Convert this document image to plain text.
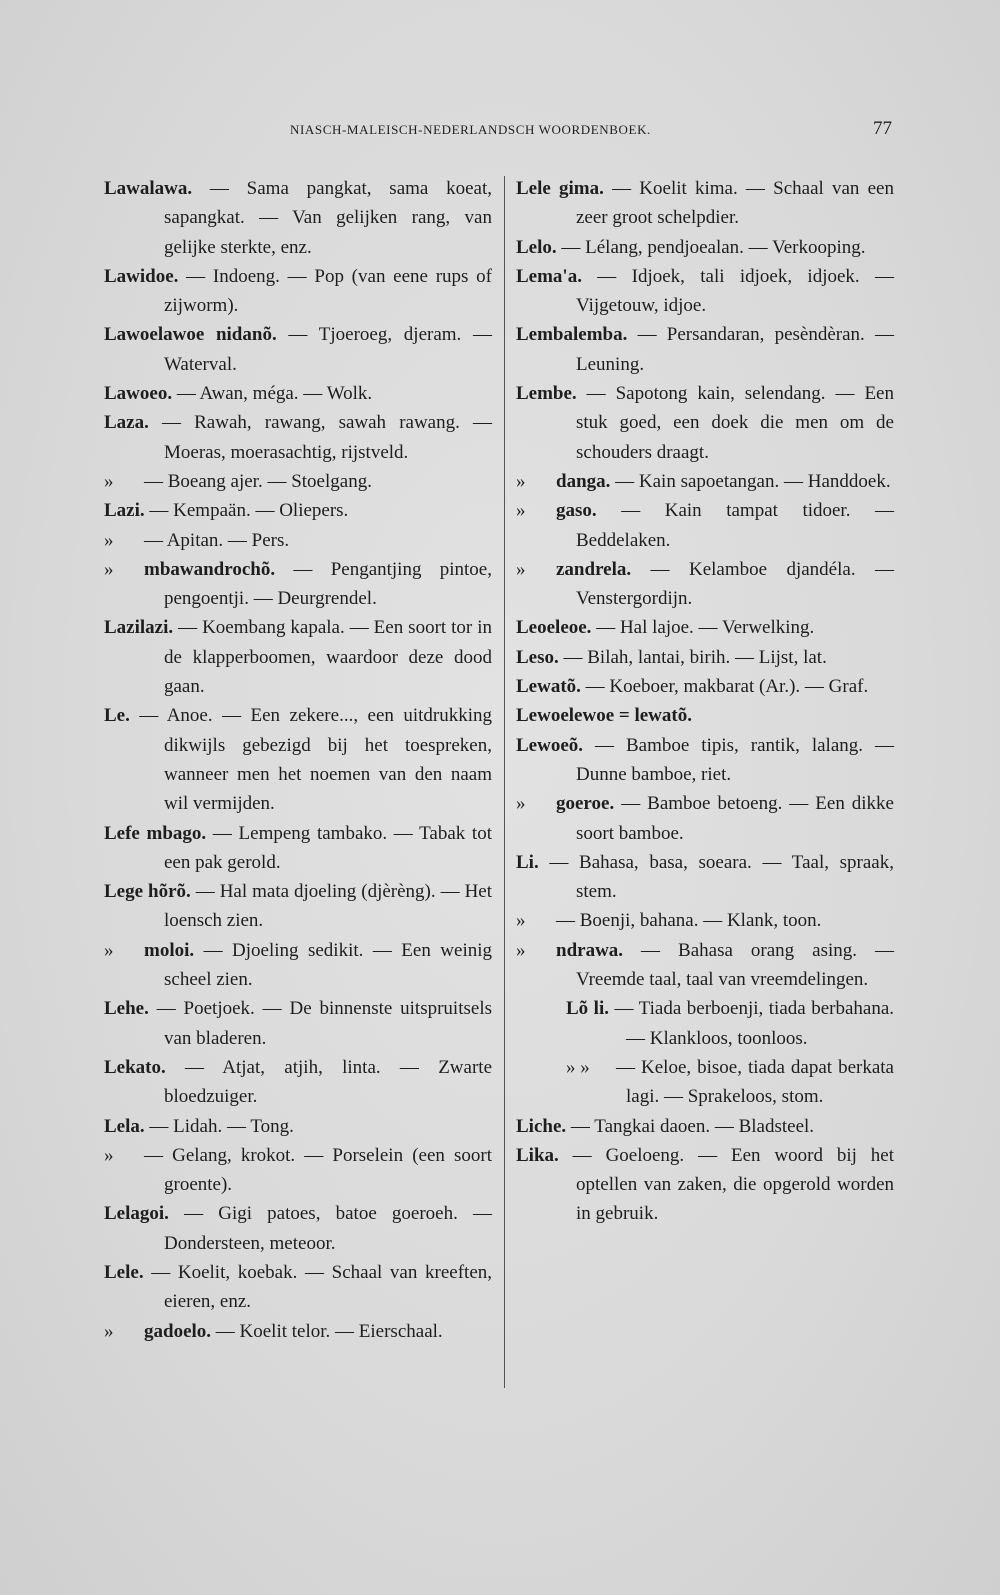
NIASCH-MALEISCH-NEDERLANDSCH WOORDENBOEK.	77

Lawalawa. — Sama pangkat, sama koeat, sapangkat. — Van gelijken rang, van gelijke sterkte, enz.

Lawidoe. — Indoeng. — Pop (van eene rups of zijworm).

Lawoelawoe nidanõ. — Tjoeroeg, djeram. — Waterval.

Lawoeo. — Awan, méga. — Wolk.

Laza. — Rawah, rawang, sawah rawang. — Moeras, moerasachtig, rijstveld.

» — Boeang ajer. — Stoelgang.

Lazi. — Kempaän. — Oliepers.

» — Apitan. — Pers.

» mbawandrochõ. — Pengantjing pintoe, pengoentji. — Deurgrendel.

Lazilazi. — Koembang kapala. — Een soort tor in de klapperboomen, waardoor deze dood gaan.

Le. — Anoe. — Een zekere..., een uitdrukking dikwijls gebezigd bij het toespreken, wanneer men het noemen van den naam wil vermijden.

Lefe mbago. — Lempeng tambako. — Tabak tot een pak gerold.

Lege hõrõ. — Hal mata djoeling (djèrèng). — Het loensch zien.

» moloi. — Djoeling sedikit. — Een weinig scheel zien.

Lehe. — Poetjoek. — De binnenste uitspruitsels van bladeren.

Lekato. — Atjat, atjih, linta. — Zwarte bloedzuiger.

Lela. — Lidah. — Tong.

» — Gelang, krokot. — Porselein (een soort groente).

Lelagoi. — Gigi patoes, batoe goeroeh. — Dondersteen, meteoor.

Lele. — Koelit, koebak. — Schaal van kreeften, eieren, enz.

» gadoelo. — Koelit telor. — Eierschaal.

Lele gima. — Koelit kima. — Schaal van een zeer groot schelpdier.

Lelo. — Lélang, pendjoealan. — Verkooping.

Lema'a. — Idjoek, tali idjoek, idjoek. — Vijgetouw, idjoe.

Lembalemba. — Persandaran, pesèndèran. — Leuning.

Lembe. — Sapotong kain, selendang. — Een stuk goed, een doek die men om de schouders draagt.

» danga. — Kain sapoetangan. — Handdoek.

» gaso. — Kain tampat tidoer. — Beddelaken.

» zandrela. — Kelamboe djandéla. — Venstergordijn.

Leoeleoe. — Hal lajoe. — Verwelking.

Leso. — Bilah, lantai, birih. — Lijst, lat.

Lewatõ. — Koeboer, makbarat (Ar.). — Graf.

Lewoelewoe = lewatõ.

Lewoeõ. — Bamboe tipis, rantik, lalang. — Dunne bamboe, riet.

» goeroe. — Bamboe betoeng. — Een dikke soort bamboe.

Li. — Bahasa, basa, soeara. — Taal, spraak, stem.

» — Boenji, bahana. — Klank, toon.

» ndrawa. — Bahasa orang asing. — Vreemde taal, taal van vreemdelingen.

Lõ li. — Tiada berboenji, tiada berbahana. — Klankloos, toonloos.

» » — Keloe, bisoe, tiada dapat berkata lagi. — Sprakeloos, stom.

Liche. — Tangkai daoen. — Bladsteel.

Lika. — Goeloeng. — Een woord bij het optellen van zaken, die opgerold worden in gebruik.
